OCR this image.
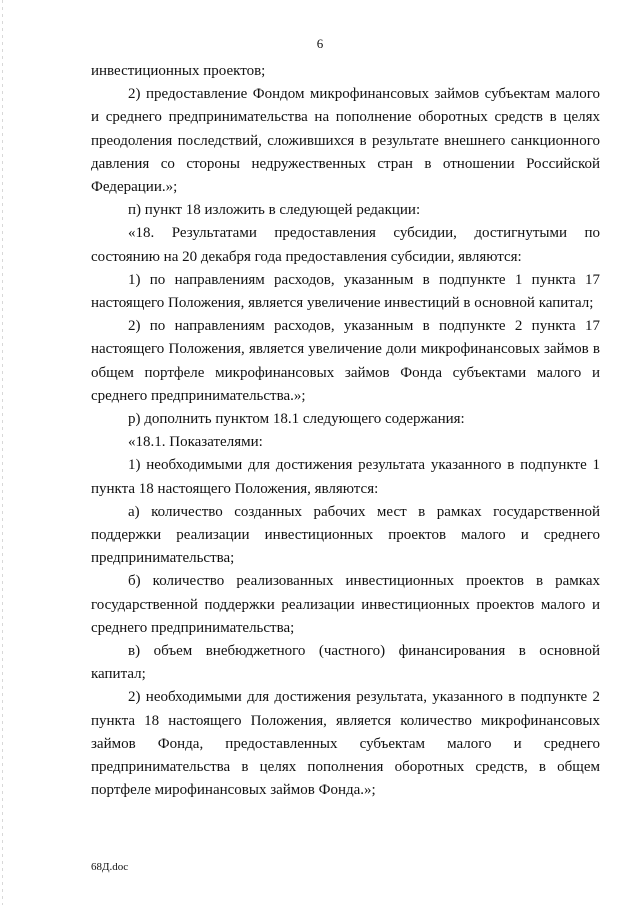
6

инвестиционных проектов;

2) предоставление Фондом микрофинансовых займов субъектам малого и среднего предпринимательства на пополнение оборотных средств в целях преодоления последствий, сложившихся в результате внешнего санкционного давления со стороны недружественных стран в отношении Российской Федерации.»;

п) пункт 18 изложить в следующей редакции:

«18. Результатами предоставления субсидии, достигнутыми по состоянию на 20 декабря года предоставления субсидии, являются:

1) по направлениям расходов, указанным в подпункте 1 пункта 17 настоящего Положения, является увеличение инвестиций в основной капитал;

2) по направлениям расходов, указанным в подпункте 2 пункта 17 настоящего Положения, является увеличение доли микрофинансовых займов в общем портфеле микрофинансовых займов Фонда субъектами малого и среднего предпринимательства.»;

р) дополнить пунктом 18.1 следующего содержания:

«18.1. Показателями:

1) необходимыми для достижения результата указанного в подпункте 1 пункта 18 настоящего Положения, являются:

а) количество созданных рабочих мест в рамках государственной поддержки реализации инвестиционных проектов малого и среднего предпринимательства;

б) количество реализованных инвестиционных проектов в рамках государственной поддержки реализации инвестиционных проектов малого и среднего предпринимательства;

в) объем внебюджетного (частного) финансирования в основной капитал;

2) необходимыми для достижения результата, указанного в подпункте 2 пункта 18 настоящего Положения, является количество микрофинансовых займов Фонда, предоставленных субъектам малого и среднего предпринимательства в целях пополнения оборотных средств, в общем портфеле мирофинансовых займов Фонда.»;

68Д.doc
